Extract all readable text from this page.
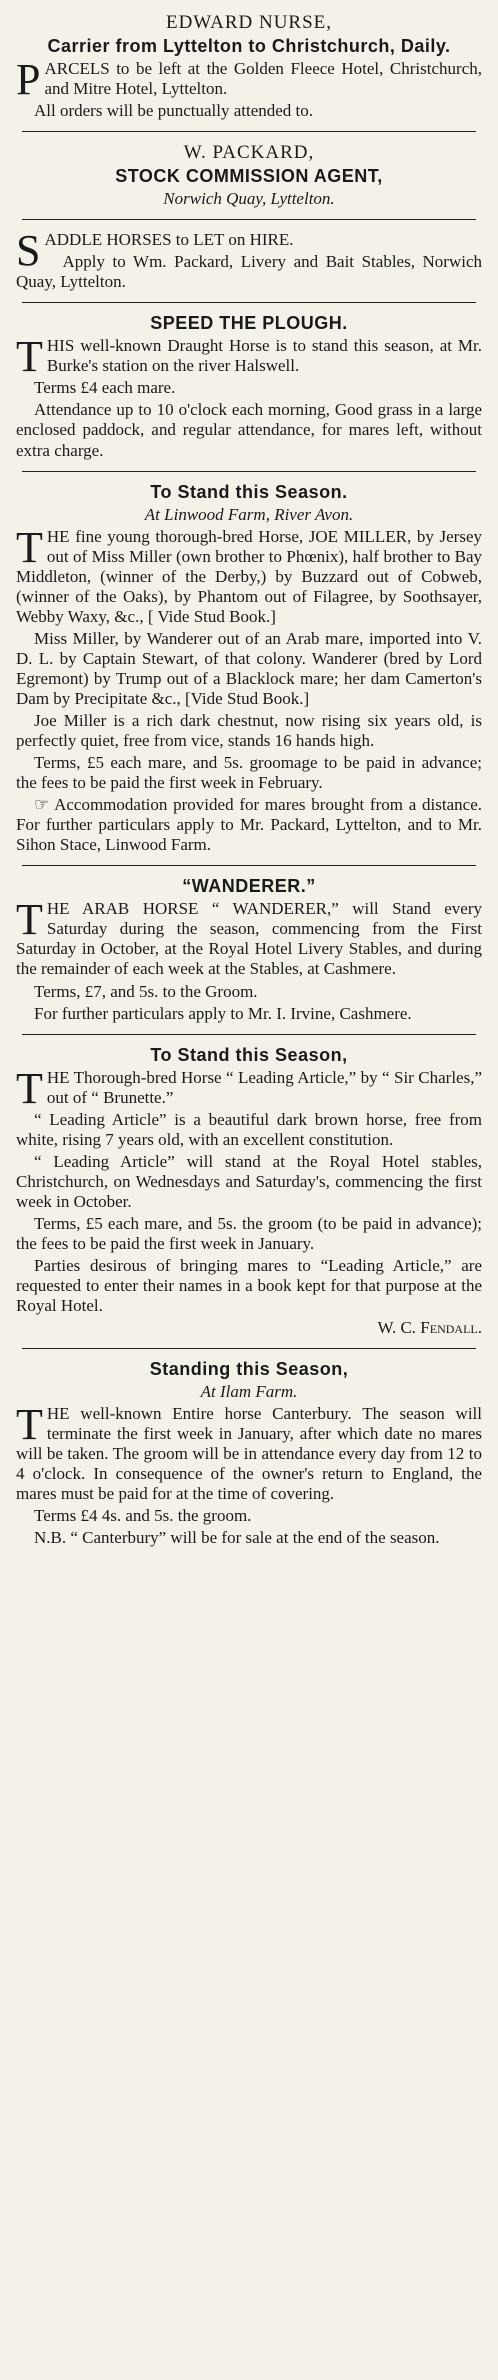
EDWARD NURSE,
Carrier from Lyttelton to Christchurch, Daily.

PARCELS to be left at the Golden Fleece Hotel, Christchurch, and Mitre Hotel, Lyttelton.

All orders will be punctually attended to.

W. PACKARD,
STOCK COMMISSION AGENT,
Norwich Quay, Lyttelton.

SADDLE HORSES to LET on HIRE.

Apply to Wm. Packard, Livery and Bait Stables, Norwich Quay, Lyttelton.

SPEED THE PLOUGH.

THIS well-known Draught Horse is to stand this season, at Mr. Burke's station on the river Halswell.

Terms £4 each mare.

Attendance up to 10 o'clock each morning, Good grass in a large enclosed paddock, and regular attendance, for mares left, without extra charge.

To Stand this Season.
At Linwood Farm, River Avon.

THE fine young thorough-bred Horse, JOE MILLER, by Jersey out of Miss Miller (own brother to Phœnix), half brother to Bay Middleton, (winner of the Derby,) by Buzzard out of Cobweb, (winner of the Oaks), by Phantom out of Filagree, by Soothsayer, Webby Waxy, &c., [ Vide Stud Book.]

Miss Miller, by Wanderer out of an Arab mare, imported into V. D. L. by Captain Stewart, of that colony. Wanderer (bred by Lord Egremont) by Trump out of a Blacklock mare; her dam Camerton's Dam by Precipitate &c., [Vide Stud Book.]

Joe Miller is a rich dark chestnut, now rising six years old, is perfectly quiet, free from vice, stands 16 hands high.

Terms, £5 each mare, and 5s. groomage to be paid in advance; the fees to be paid the first week in February.

☞ Accommodation provided for mares brought from a distance. For further particulars apply to Mr. Packard, Lyttelton, and to Mr. Sihon Stace, Linwood Farm.

“WANDERER.”

THE ARAB HORSE “ WANDERER,” will Stand every Saturday during the season, commencing from the First Saturday in October, at the Royal Hotel Livery Stables, and during the remainder of each week at the Stables, at Cashmere.

Terms, £7, and 5s. to the Groom.

For further particulars apply to Mr. I. Irvine, Cashmere.

To Stand this Season,

THE Thorough-bred Horse “ Leading Article,” by “ Sir Charles,” out of “ Brunette.”

“ Leading Article” is a beautiful dark brown horse, free from white, rising 7 years old, with an excellent constitution.

“ Leading Article” will stand at the Royal Hotel stables, Christchurch, on Wednesdays and Saturday's, commencing the first week in October.

Terms, £5 each mare, and 5s. the groom (to be paid in advance); the fees to be paid the first week in January.

Parties desirous of bringing mares to “Leading Article,” are requested to enter their names in a book kept for that purpose at the Royal Hotel.

W. C. Fendall.

Standing this Season,
At Ilam Farm.

THE well-known Entire horse Canterbury. The season will terminate the first week in January, after which date no mares will be taken. The groom will be in attendance every day from 12 to 4 o'clock. In consequence of the owner's return to England, the mares must be paid for at the time of covering.

Terms £4 4s. and 5s. the groom.

N.B. “ Canterbury” will be for sale at the end of the season.
